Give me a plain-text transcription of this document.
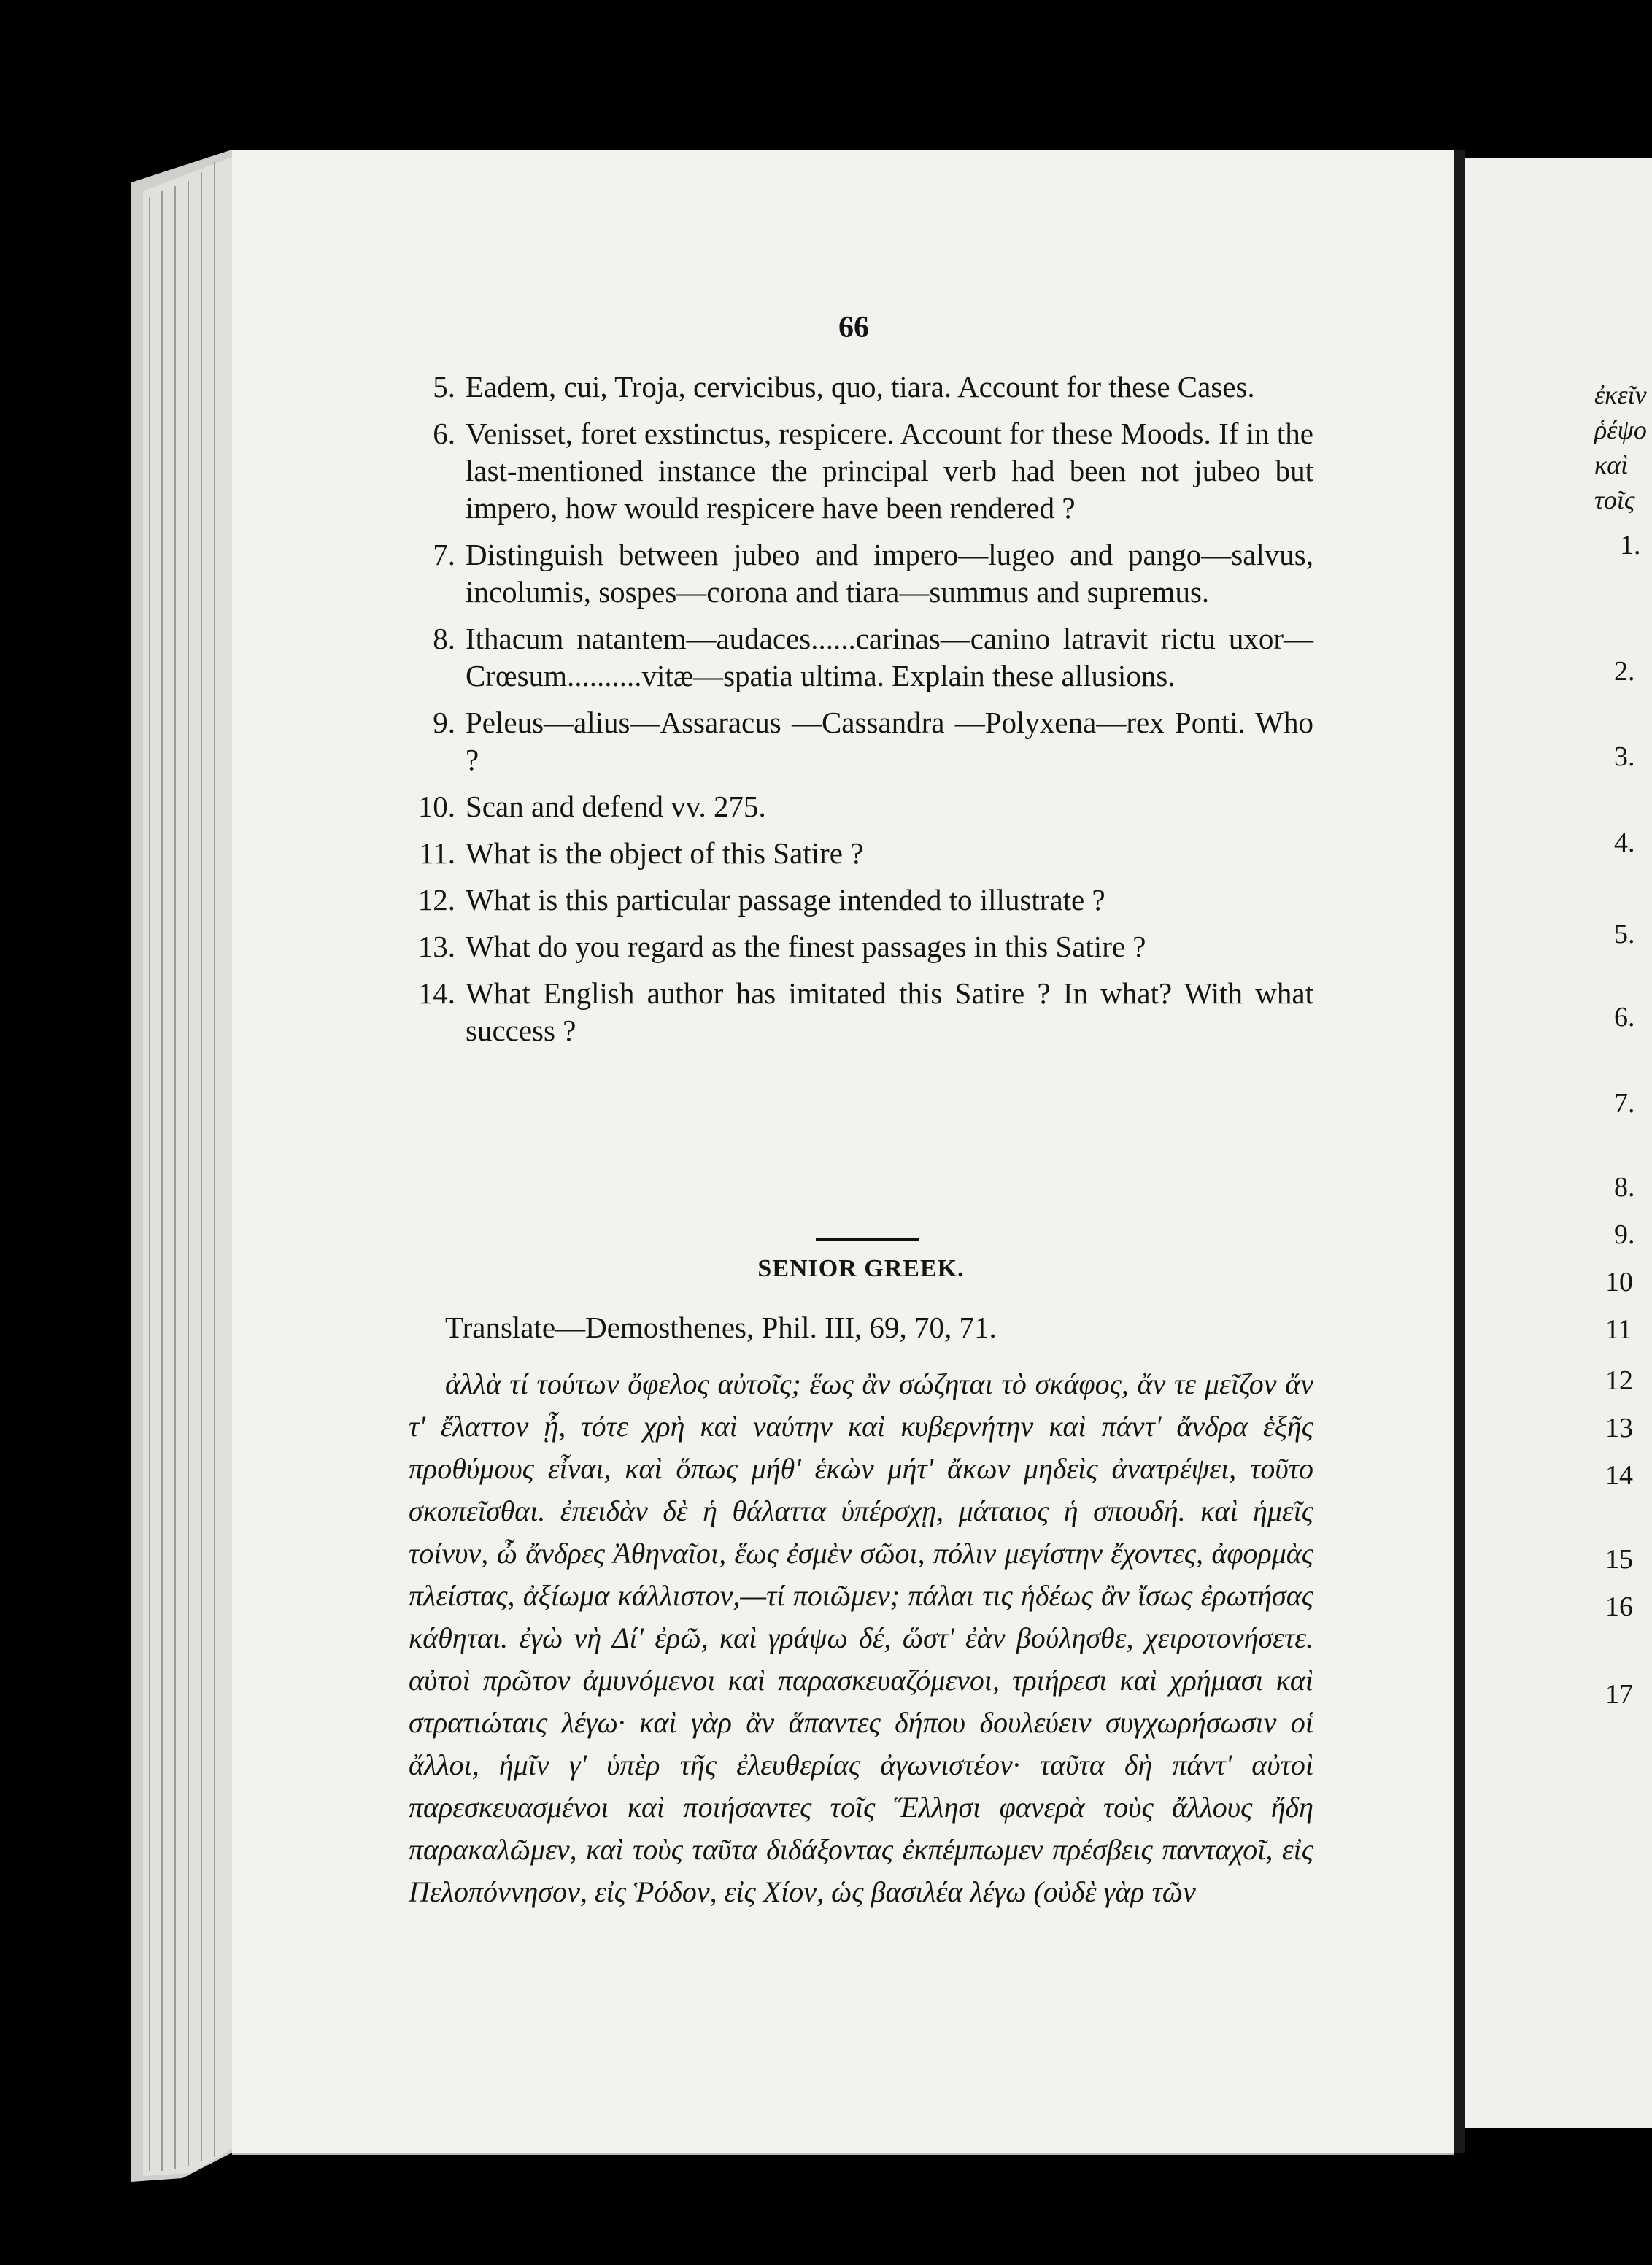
66
5. Eadem, cui, Troja, cervicibus, quo, tiara. Account for these Cases.
6. Venisset, foret exstinctus, respicere. Account for these Moods. If in the last-mentioned instance the principal verb had been not jubeo but impero, how would respicere have been rendered ?
7. Distinguish between jubeo and impero—lugeo and pango—salvus, incolumis, sospes—corona and tiara—summus and supremus.
8. Ithacum natantem—audaces......carinas—canino latravit rictu uxor—Crœsum..........vitæ—spatia ultima. Explain these allusions.
9. Peleus—alius—Assaracus —Cassandra —Polyxena—rex Ponti. Who ?
10. Scan and defend vv. 275.
11. What is the object of this Satire ?
12. What is this particular passage intended to illustrate ?
13. What do you regard as the finest passages in this Satire ?
14. What English author has imitated this Satire ? In what? With what success ?
SENIOR GREEK.
Translate—Demosthenes, Phil. III, 69, 70, 71.
ἀλλὰ τί τούτων ὄφελος αὐτοῖς; ἕως ἂν σώζηται τὸ σκάφος, ἄν τε μεῖζον ἄν τ' ἔλαττον ᾖ, τότε χρὴ καὶ ναύτην καὶ κυβερνήτην καὶ πάντ' ἄνδρα ἑξῆς προθύμους εἶναι, καὶ ὅπως μήθ' ἑκὼν μήτ' ἄκων μηδεὶς ἀνατρέψει, τοῦτο σκοπεῖσθαι. ἐπειδὰν δὲ ἡ θάλαττα ὑπέρσχῃ, μάταιος ἡ σπουδή. καὶ ἡμεῖς τοίνυν, ὦ ἄνδρες Ἀθηναῖοι, ἕως ἐσμὲν σῶοι, πόλιν μεγίστην ἔχοντες, ἀφορμὰς πλείστας, ἀξίωμα κάλλιστον,—τί ποιῶμεν; πάλαι τις ἡδέως ἂν ἴσως ἐρωτήσας κάθηται. ἐγὼ νὴ Δί' ἐρῶ, καὶ γράψω δέ, ὥστ' ἐὰν βούλησθε, χειροτονήσετε. αὐτοὶ πρῶτον ἀμυνόμενοι καὶ παρασκευαζόμενοι, τριήρεσι καὶ χρήμασι καὶ στρατιώταις λέγω· καὶ γὰρ ἂν ἅπαντες δήπου δουλεύειν συγχωρήσωσιν οἱ ἄλλοι, ἡμῖν γ' ὑπὲρ τῆς ἐλευθερίας ἀγωνιστέον· ταῦτα δὴ πάντ' αὐτοὶ παρεσκευασμένοι καὶ ποιήσαντες τοῖς Ἕλλησι φανερὰ τοὺς ἄλλους ἤδη παρακαλῶμεν, καὶ τοὺς ταῦτα διδάξοντας ἐκπέμπωμεν πρέσβεις πανταχοῖ, εἰς Πελοπόννησον, εἰς Ῥόδον, εἰς Χίον, ὡς βασιλέα λέγω (οὐδὲ γὰρ τῶν
ἐκεῖν
ῥέψο
καὶ
τοῖς
1.
2.
3.
4.
5.
6.
7.
8.
9.
10
11
12
13
14
15
16
17
